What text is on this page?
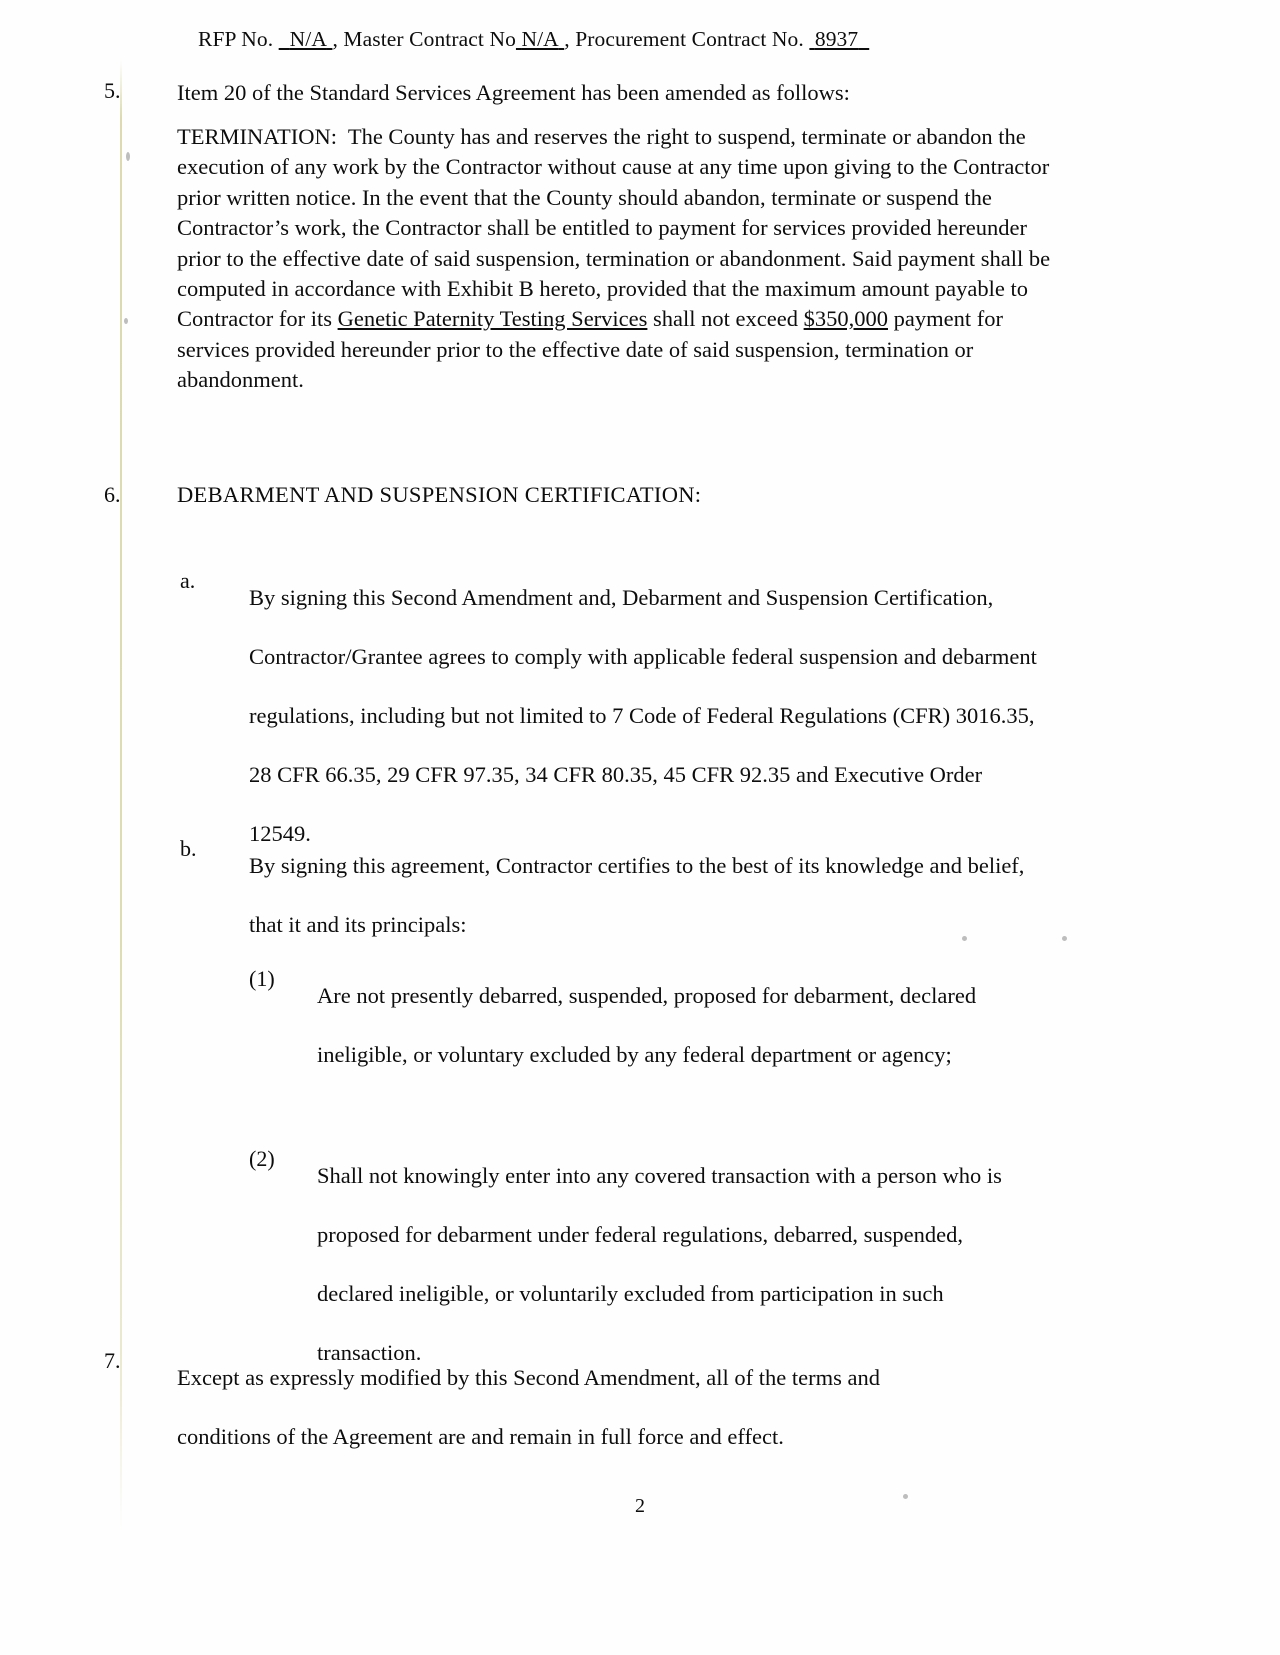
RFP No. N/A , Master Contract No N/A , Procurement Contract No. 8937
5.	Item 20 of the Standard Services Agreement has been amended as follows:
TERMINATION: The County has and reserves the right to suspend, terminate or abandon the execution of any work by the Contractor without cause at any time upon giving to the Contractor prior written notice. In the event that the County should abandon, terminate or suspend the Contractor’s work, the Contractor shall be entitled to payment for services provided hereunder prior to the effective date of said suspension, termination or abandonment. Said payment shall be computed in accordance with Exhibit B hereto, provided that the maximum amount payable to Contractor for its Genetic Paternity Testing Services shall not exceed $350,000 payment for services provided hereunder prior to the effective date of said suspension, termination or abandonment.
6.	DEBARMENT AND SUSPENSION CERTIFICATION:
a.
By signing this Second Amendment and, Debarment and Suspension Certification, Contractor/Grantee agrees to comply with applicable federal suspension and debarment regulations, including but not limited to 7 Code of Federal Regulations (CFR) 3016.35, 28 CFR 66.35, 29 CFR 97.35, 34 CFR 80.35, 45 CFR 92.35 and Executive Order 12549.
b.
By signing this agreement, Contractor certifies to the best of its knowledge and belief, that it and its principals:
(1)
Are not presently debarred, suspended, proposed for debarment, declared ineligible, or voluntary excluded by any federal department or agency;
(2)
Shall not knowingly enter into any covered transaction with a person who is proposed for debarment under federal regulations, debarred, suspended, declared ineligible, or voluntarily excluded from participation in such transaction.
7.
Except as expressly modified by this Second Amendment, all of the terms and conditions of the Agreement are and remain in full force and effect.
2
